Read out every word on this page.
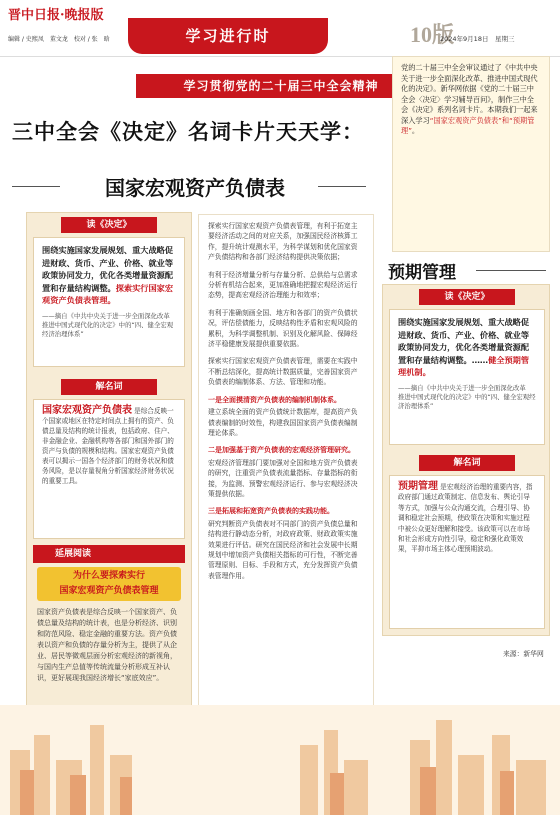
晋中日报·晚报版
编辑 / 史熙凤　董文龙　校对 / 张　晗	学习进行时	10版
2024年9月18日　星期三
学习贯彻党的二十届三中全会精神
三中全会《决定》名词卡片天天学：
国家宏观资产负债表
党的二十届三中全会审议通过了《中共中央关于进一步全面深化改革、推进中国式现代化的决定》。新华网依据《党的二十届三中全会〈决定〉学习辅导百问》，制作三中全会《决定》系列名词卡片。本期我们一起来深入学习“国家宏观资产负债表”和“预期管理”。
读《决定》
围绕实施国家发展规划、重大战略促进财政、货币、产业、价格、就业等政策协同发力，优化各类增量资源配置和存量结构调整。探索实行国家宏观资产负债表管理。
——摘自《中共中央关于进一步全面深化改革　推进中国式现代化的决定》中的“四、健全宏观经济治理体系”
解名词
国家宏观资产负债表 是综合反映一个国家或地区在特定时间点上拥有的资产、负债总量及结构的统计报表，包括政府、住户、非金融企业、金融机构等各部门和国外部门的资产与负债的规模和结构。国家宏观资产负债表可以揭示一国各个经济部门的财务状况和债务风险，是以存量视角分析国家经济财务状况的重要工具。
延展阅读
为什么要探索实行
国家宏观资产负债表管理
国家资产负债表是综合反映一个国家资产、负债总量及结构的统计表，也是分析经济、识别和防范风险、稳定金融的重要方法。资产负债表以资产和负债的存量分析为主，提供了从企业、居民等微观层面分析宏观经济的新视角，与国内生产总值等传统流量分析形成互补认识，更好展现我国经济增长“家底效应”。

探索实行国家宏观资产负债表管理，有利于拓宽主要经济活动之间的对应关系，加强国民经济核算工作，提升统计观测水平，为科学谋划和优化国家资产负债结构和各部门经济结构提供决策依据；

有利于经济增量分析与存量分析、总供给与总需求分析有机结合起来，更加准确地把握宏观经济运行态势，提高宏观经济治理能力和效率；

有利于准确刻画全国、地方和各部门的资产负债状况，评估偿债能力，反映结构性矛盾和宏观风险的累积，为科学调整机制、识别及化解风险、保障经济平稳健康发展提供重要依据。

探索实行国家宏观资产负债表管理，需要在实践中不断总结深化，提高统计数据质量，完善国家资产负债表的编制体系、方法、管理和功能。

一是全面摸清资产负债表的编制机制体系。

建立系统全面的资产负债统计数据库，提高资产负债表编制的时效性，构建我国国家资产负债表编制理论体系。

二是加强基于资产负债表的宏观经济管理研究。

宏观经济管理部门要加强对全国和地方资产负债表的研究，注重资产负债表流量指标、存量指标的衔接，为监测、预警宏观经济运行、参与宏观经济决策提供依据。

三是拓展和拓宽资产负债表的实践功能。

研究判断资产负债表对不同部门的资产负债总量和结构进行静动态分析，对政府政策、财政政策实施效果进行评估。研究在国民经济和社会发展中长期规划中增加资产负债相关指标的可行性，不断完善管理原则、目标、手段和方式，充分发挥资产负债表管理作用。

预期管理
读《决定》
围绕实施国家发展规划、重大战略促进财政、货币、产业、价格、就业等政策协同发力，优化各类增量资源配置和存量结构调整。……健全预期管理机制。
——摘自《中共中央关于进一步全面深化改革　推进中国式现代化的决定》中的“四、健全宏观经济治理体系”
解名词
预期管理 是宏观经济治理的重要内容，指政府部门通过政策制定、信息发布、舆论引导等方式，加强与公众沟通交流，合理引导、协调和稳定社会预期，使政策在决策和实施过程中被公众更好理解和接受。该政策可以在市场和社会形成方向性引导，稳定和强化政策效果，平抑市场主体心理预期波动。
来源：新华网
